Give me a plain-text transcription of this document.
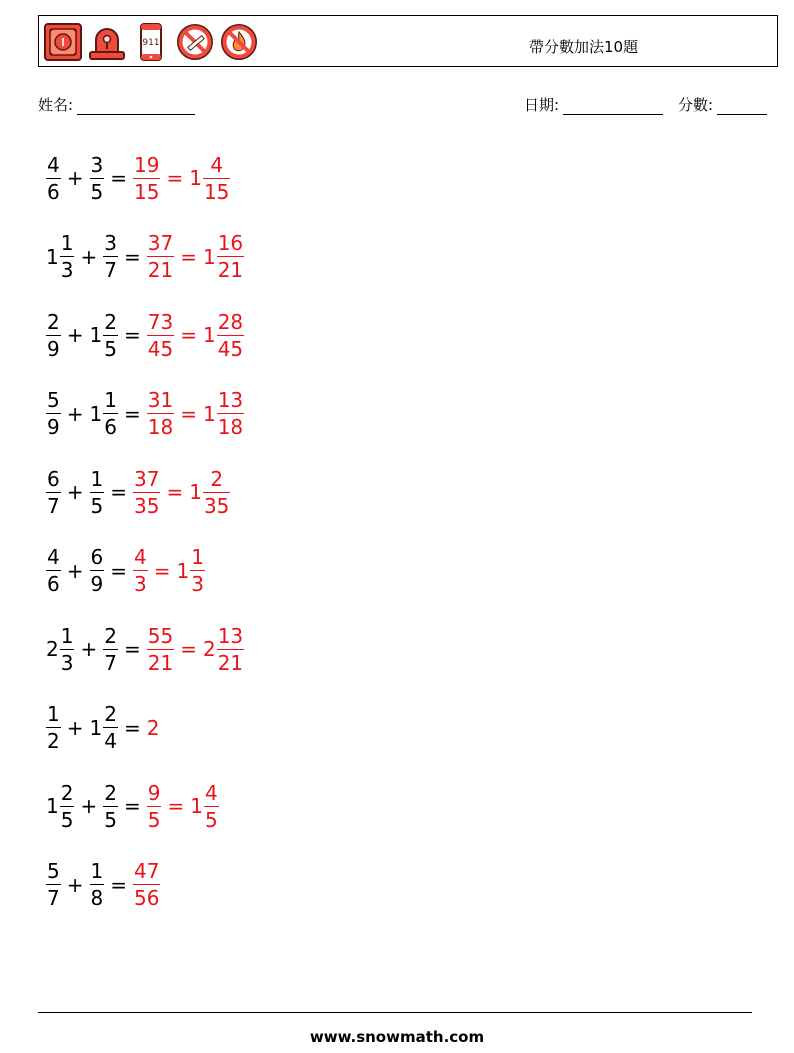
911	帶分數加法10題
姓名:	日期:	分數:
$\frac{4}{6} + \frac{3}{5} = \frac{19}{15} = 1 \frac{4}{15}$
$1 \frac{1}{3} + \frac{3}{7} = \frac{37}{21} = 1 \frac{16}{21}$
$\frac{2}{9} + 1 \frac{2}{5} = \frac{73}{45} = 1 \frac{28}{45}$
$\frac{5}{9} + 1 \frac{1}{6} = \frac{31}{18} = 1 \frac{13}{18}$
$\frac{6}{7} + \frac{1}{5} = \frac{37}{35} = 1 \frac{2}{35}$
$\frac{4}{6} + \frac{6}{9} = \frac{4}{3} = 1 \frac{1}{3}$
$2 \frac{1}{3} + \frac{2}{7} = \frac{55}{21} = 2 \frac{13}{21}$
$\frac{1}{2} + 1 \frac{2}{4} = 2$
$1 \frac{2}{5} + \frac{2}{5} = \frac{9}{5} = 1 \frac{4}{5}$
$\frac{5}{7} + \frac{1}{8} = \frac{47}{56}$
www.snowmath.com
